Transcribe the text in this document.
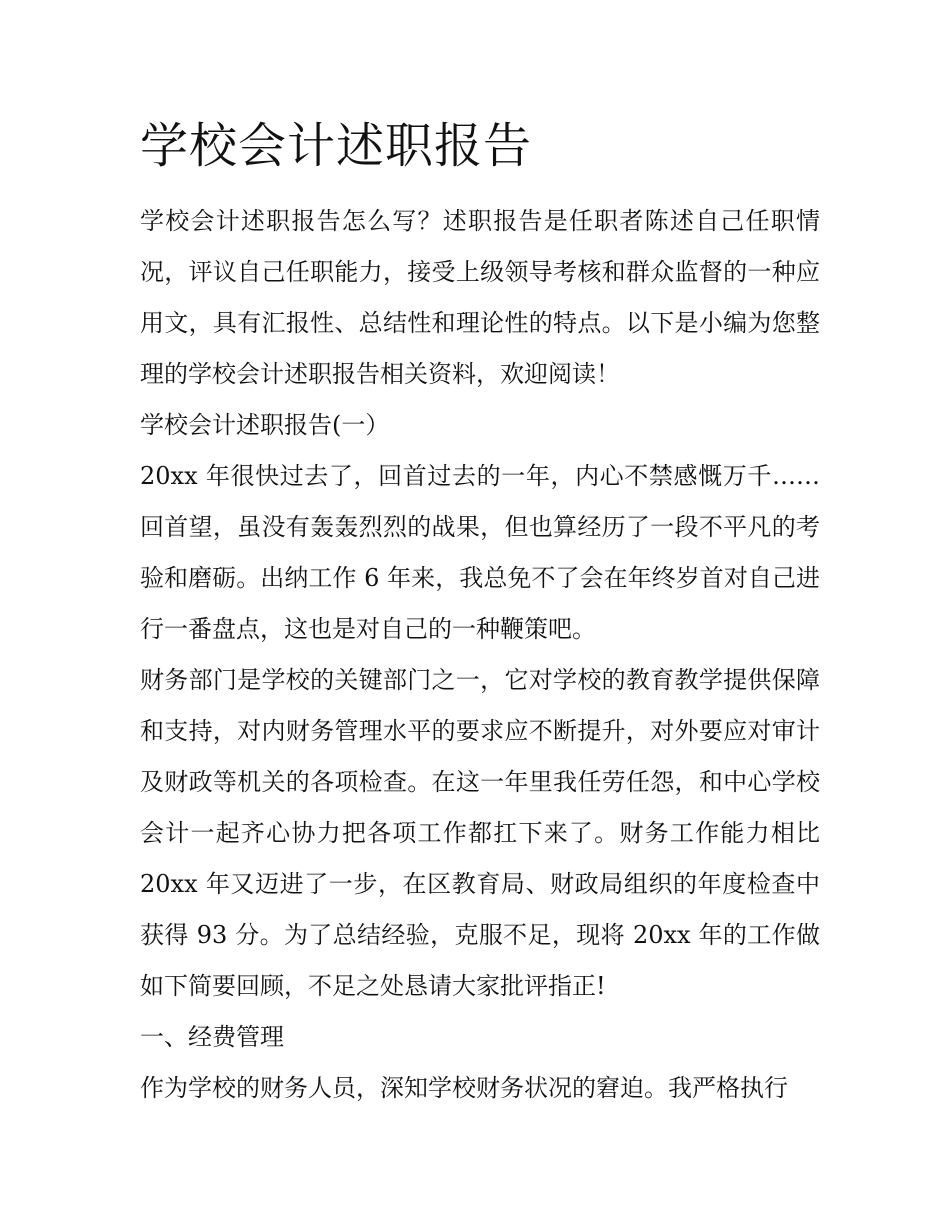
学校会计述职报告

学校会计述职报告怎么写？述职报告是任职者陈述自己任职情况，评议自己任职能力，接受上级领导考核和群众监督的一种应用文，具有汇报性、总结性和理论性的特点。以下是小编为您整理的学校会计述职报告相关资料，欢迎阅读！

学校会计述职报告(一）

20xx 年很快过去了，回首过去的一年，内心不禁感慨万千……回首望，虽没有轰轰烈烈的战果，但也算经历了一段不平凡的考验和磨砺。出纳工作 6 年来，我总免不了会在年终岁首对自己进行一番盘点，这也是对自己的一种鞭策吧。

财务部门是学校的关键部门之一，它对学校的教育教学提供保障和支持，对内财务管理水平的要求应不断提升，对外要应对审计及财政等机关的各项检查。在这一年里我任劳任怨，和中心学校会计一起齐心协力把各项工作都扛下来了。财务工作能力相比 20xx 年又迈进了一步，在区教育局、财政局组织的年度检查中获得 93 分。为了总结经验，克服不足，现将 20xx 年的工作做如下简要回顾，不足之处恳请大家批评指正!

一、经费管理

作为学校的财务人员，深知学校财务状况的窘迫。我严格执行
